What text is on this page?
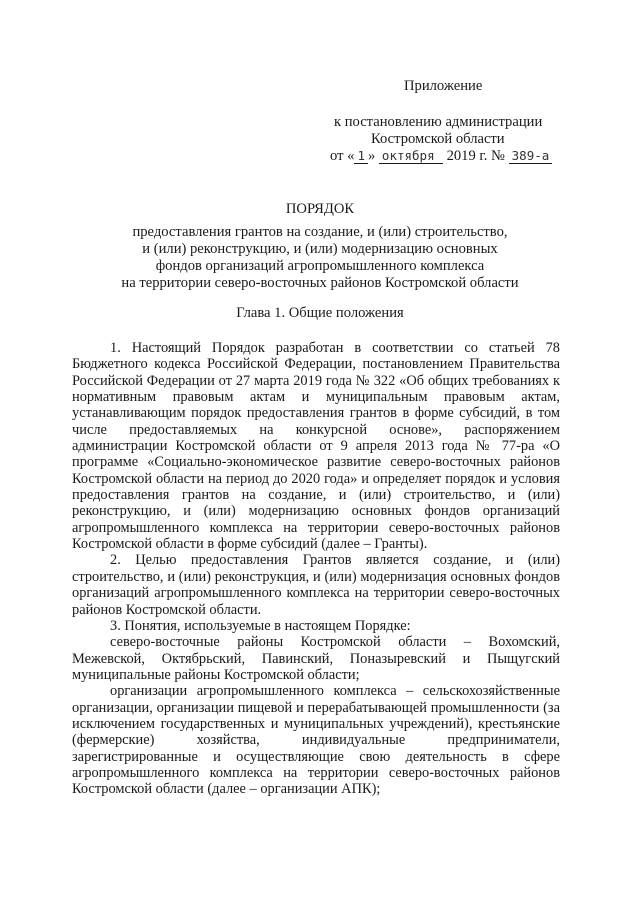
Приложение
к постановлению администрации
Костромской области
от « 1 » октября 2019 г. № 389-а
ПОРЯДОК
предоставления грантов на создание, и (или) строительство,
и (или) реконструкцию, и (или) модернизацию основных
фондов организаций агропромышленного комплекса
на территории северо-восточных районов Костромской области
Глава 1. Общие положения

1. Настоящий Порядок разработан в соответствии со статьей 78 Бюджетного кодекса Российской Федерации, постановлением Правительства Российской Федерации от 27 марта 2019 года № 322 «Об общих требованиях к нормативным правовым актам и муниципальным правовым актам, устанавливающим порядок предоставления грантов в форме субсидий, в том числе предоставляемых на конкурсной основе», распоряжением администрации Костромской области от 9 апреля 2013 года № 77-ра «О программе «Социально-экономическое развитие северо-восточных районов Костромской области на период до 2020 года» и определяет порядок и условия предоставления грантов на создание, и (или) строительство, и (или) реконструкцию, и (или) модернизацию основных фондов организаций агропромышленного комплекса на территории северо-восточных районов Костромской области в форме субсидий (далее – Гранты).

2. Целью предоставления Грантов является создание, и (или) строительство, и (или) реконструкция, и (или) модернизация основных фондов организаций агропромышленного комплекса на территории северо-восточных районов Костромской области.

3. Понятия, используемые в настоящем Порядке:

северо-восточные районы Костромской области – Вохомский, Межевской, Октябрьский, Павинский, Поназыревский и Пыщугский муниципальные районы Костромской области;

организации агропромышленного комплекса – сельскохозяйственные организации, организации пищевой и перерабатывающей промышленности (за исключением государственных и муниципальных учреждений), крестьянские (фермерские) хозяйства, индивидуальные предприниматели, зарегистрированные и осуществляющие свою деятельность в сфере агропромышленного комплекса на территории северо-восточных районов Костромской области (далее – организации АПК);
